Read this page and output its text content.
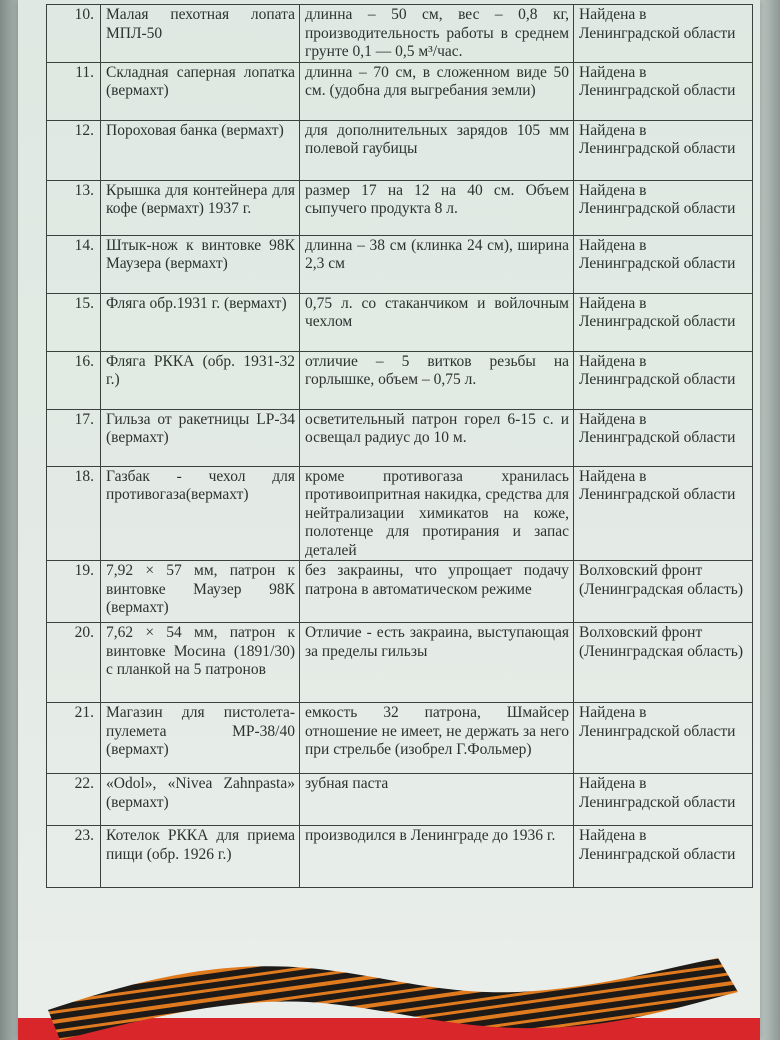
10.	Малая пехотная лопата МПЛ-50	длинна – 50 см, вес – 0,8 кг, производительность работы в среднем грунте 0,1 — 0,5 м³/час.	Найдена в Ленинградской области
11.	Складная саперная лопатка (вермахт)	длинна – 70 см, в сложенном виде 50 см. (удобна для выгребания земли)	Найдена в Ленинградской области
12.	Пороховая банка (вермахт)	для дополнительных зарядов 105 мм полевой гаубицы	Найдена в Ленинградской области
13.	Крышка для контейнера для кофе (вермахт) 1937 г.	размер 17 на 12 на 40 см. Объем сыпучего продукта 8 л.	Найдена в Ленинградской области
14.	Штык-нож к винтовке 98К Маузера (вермахт)	длинна – 38 см (клинка 24 см), ширина 2,3 см	Найдена в Ленинградской области
15.	Фляга обр.1931 г. (вермахт)	0,75 л. со стаканчиком и войлочным чехлом	Найдена в Ленинградской области
16.	Фляга РККА (обр. 1931-32 г.)	отличие – 5 витков резьбы на горлышке, объем – 0,75 л.	Найдена в Ленинградской области
17.	Гильза от ракетницы LP-34 (вермахт)	осветительный патрон горел 6-15 с. и освещал радиус до 10 м.	Найдена в Ленинградской области
18.	Газбак - чехол для противогаза(вермахт)	кроме противогаза хранилась противоипритная накидка, средства для нейтрализации химикатов на коже, полотенце для протирания и запас деталей	Найдена в Ленинградской области
19.	7,92 × 57 мм, патрон к винтовке Маузер 98К (вермахт)	без закраины, что упрощает подачу патрона в автоматическом режиме	Волховский фронт (Ленинградская область)
20.	7,62 × 54 мм, патрон к винтовке Мосина (1891/30) с планкой на 5 патронов	Отличие - есть закраина, выступающая за пределы гильзы	Волховский фронт (Ленинградская область)
21.	Магазин для пистолета-пулемета МР-38/40 (вермахт)	емкость 32 патрона, Шмайсер отношение не имеет, не держать за него при стрельбе (изобрел Г.Фольмер)	Найдена в Ленинградской области
22.	«Odol», «Nivea Zahnpasta» (вермахт)	зубная паста	Найдена в Ленинградской области
23.	Котелок РККА для приема пищи (обр. 1926 г.)	производился в Ленинграде до 1936 г.	Найдена в Ленинградской области
